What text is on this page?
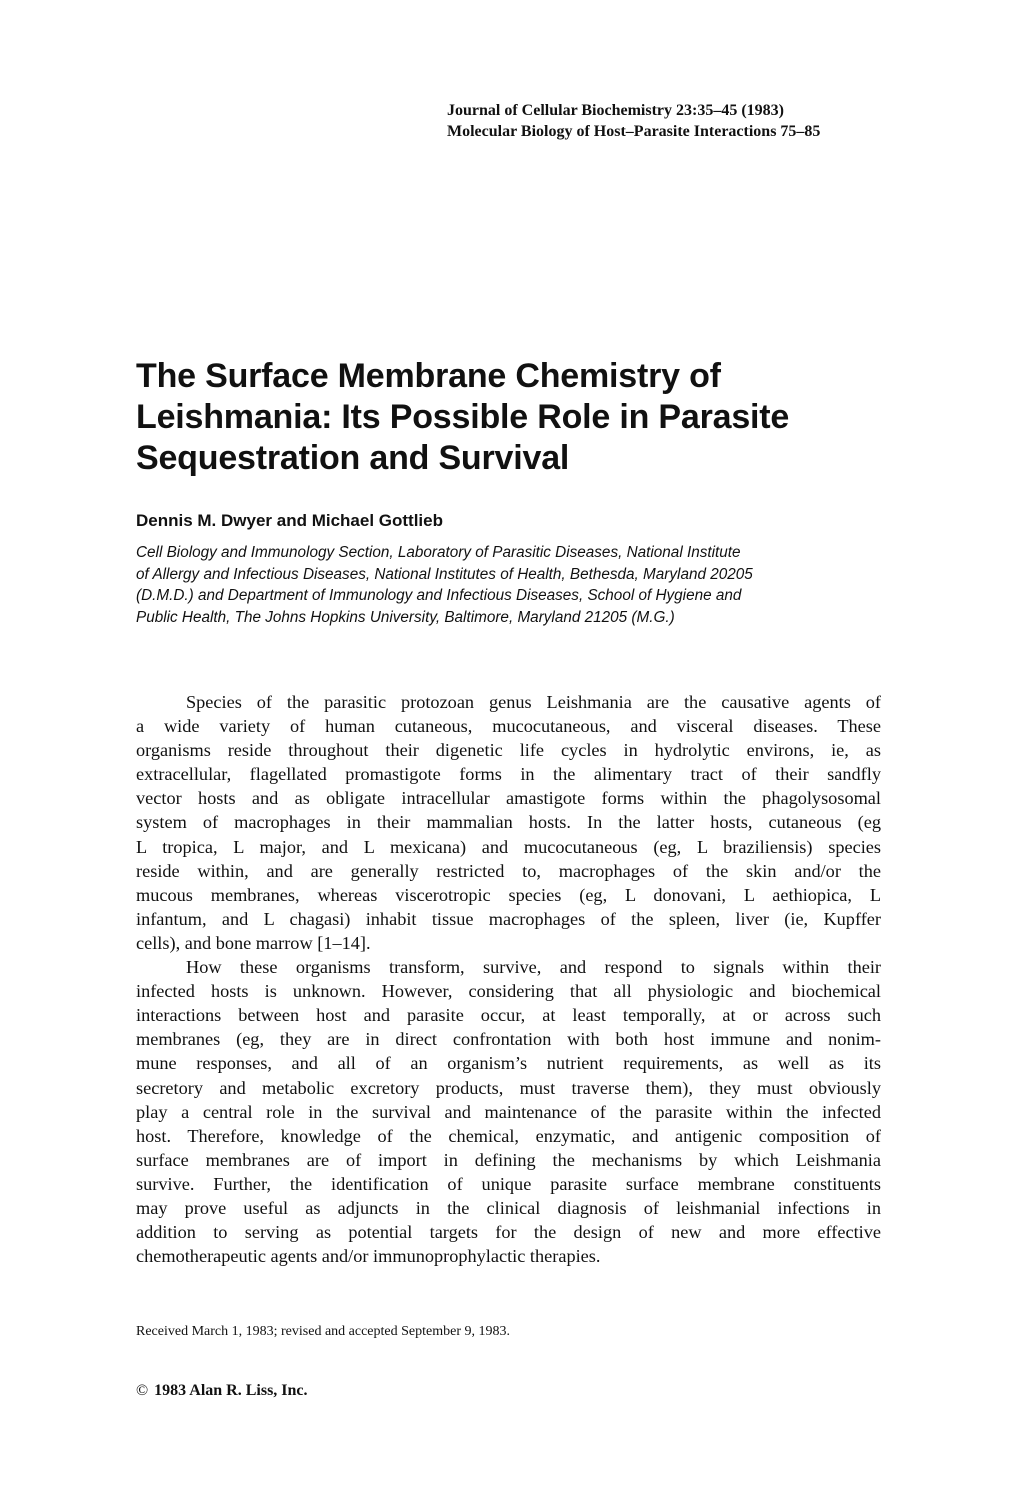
Journal of Cellular Biochemistry 23:35–45 (1983)
Molecular Biology of Host–Parasite Interactions 75–85
The Surface Membrane Chemistry of
Leishmania: Its Possible Role in Parasite
Sequestration and Survival
Dennis M. Dwyer and Michael Gottlieb
Cell Biology and Immunology Section, Laboratory of Parasitic Diseases, National Institute
of Allergy and Infectious Diseases, National Institutes of Health, Bethesda, Maryland 20205
(D.M.D.) and Department of Immunology and Infectious Diseases, School of Hygiene and
Public Health, The Johns Hopkins University, Baltimore, Maryland 21205 (M.G.)
Species of the parasitic protozoan genus Leishmania are the causative agents of
a wide variety of human cutaneous, mucocutaneous, and visceral diseases. These
organisms reside throughout their digenetic life cycles in hydrolytic environs, ie, as
extracellular, flagellated promastigote forms in the alimentary tract of their sandfly
vector hosts and as obligate intracellular amastigote forms within the phagolysosomal
system of macrophages in their mammalian hosts. In the latter hosts, cutaneous (eg
L tropica, L major, and L mexicana) and mucocutaneous (eg, L braziliensis) species
reside within, and are generally restricted to, macrophages of the skin and/or the
mucous membranes, whereas viscerotropic species (eg, L donovani, L aethiopica, L
infantum, and L chagasi) inhabit tissue macrophages of the spleen, liver (ie, Kupffer
cells), and bone marrow [1–14].
How these organisms transform, survive, and respond to signals within their
infected hosts is unknown. However, considering that all physiologic and biochemical
interactions between host and parasite occur, at least temporally, at or across such
membranes (eg, they are in direct confrontation with both host immune and nonim-
mune responses, and all of an organism’s nutrient requirements, as well as its
secretory and metabolic excretory products, must traverse them), they must obviously
play a central role in the survival and maintenance of the parasite within the infected
host. Therefore, knowledge of the chemical, enzymatic, and antigenic composition of
surface membranes are of import in defining the mechanisms by which Leishmania
survive. Further, the identification of unique parasite surface membrane constituents
may prove useful as adjuncts in the clinical diagnosis of leishmanial infections in
addition to serving as potential targets for the design of new and more effective
chemotherapeutic agents and/or immunoprophylactic therapies.
Received March 1, 1983; revised and accepted September 9, 1983.
© 1983 Alan R. Liss, Inc.
